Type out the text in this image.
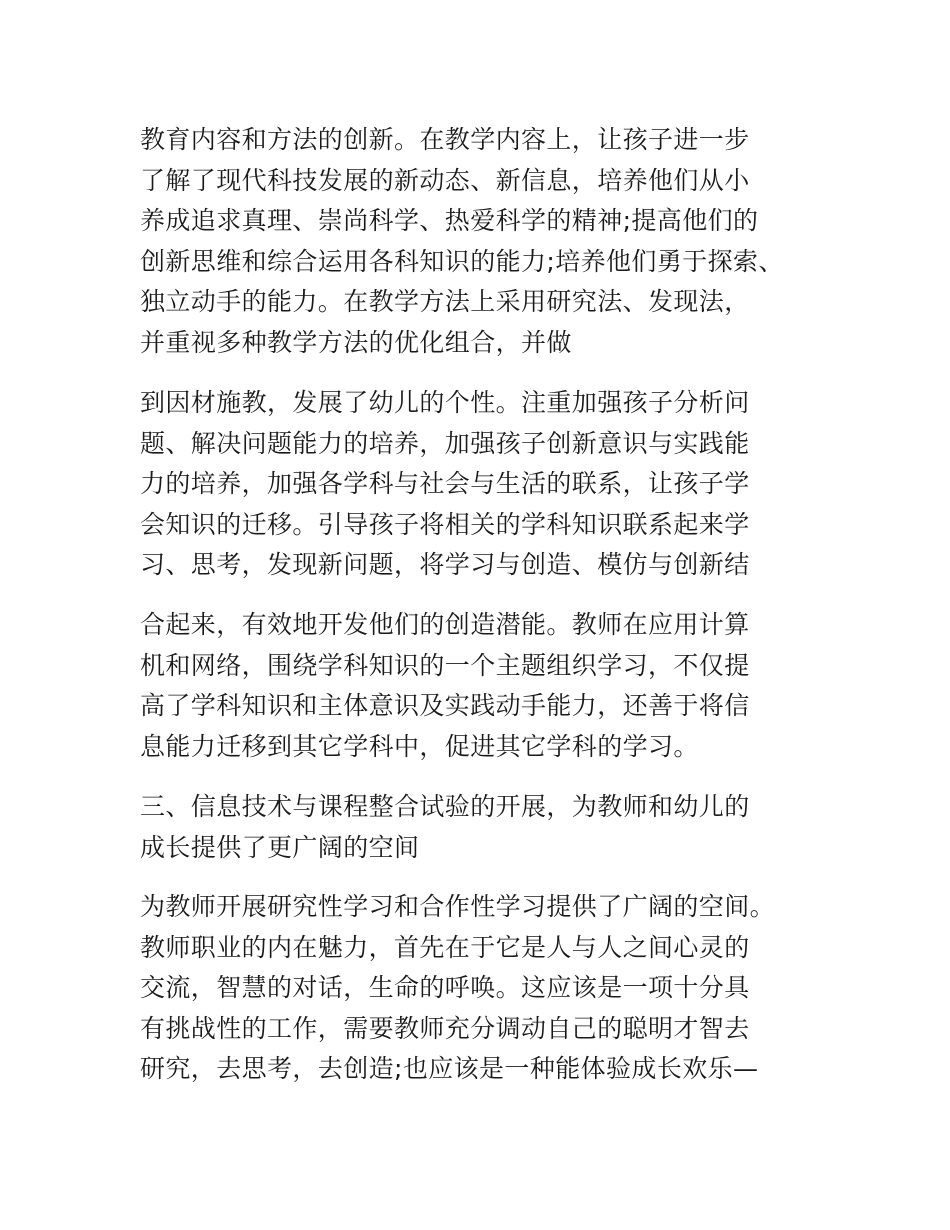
教育内容和方法的创新。在教学内容上，让孩子进一步
了解了现代科技发展的新动态、新信息，培养他们从小
养成追求真理、崇尚科学、热爱科学的精神;提高他们的
创新思维和综合运用各科知识的能力;培养他们勇于探索、
独立动手的能力。在教学方法上采用研究法、发现法，
并重视多种教学方法的优化组合，并做
到因材施教，发展了幼儿的个性。注重加强孩子分析问
题、解决问题能力的培养，加强孩子创新意识与实践能
力的培养，加强各学科与社会与生活的联系，让孩子学
会知识的迁移。引导孩子将相关的学科知识联系起来学
习、思考，发现新问题，将学习与创造、模仿与创新结
合起来，有效地开发他们的创造潜能。教师在应用计算
机和网络，围绕学科知识的一个主题组织学习，不仅提
高了学科知识和主体意识及实践动手能力，还善于将信
息能力迁移到其它学科中，促进其它学科的学习。
三、信息技术与课程整合试验的开展，为教师和幼儿的
成长提供了更广阔的空间
为教师开展研究性学习和合作性学习提供了广阔的空间。
教师职业的内在魅力，首先在于它是人与人之间心灵的
交流，智慧的对话，生命的呼唤。这应该是一项十分具
有挑战性的工作，需要教师充分调动自己的聪明才智去
研究，去思考，去创造;也应该是一种能体验成长欢乐—
